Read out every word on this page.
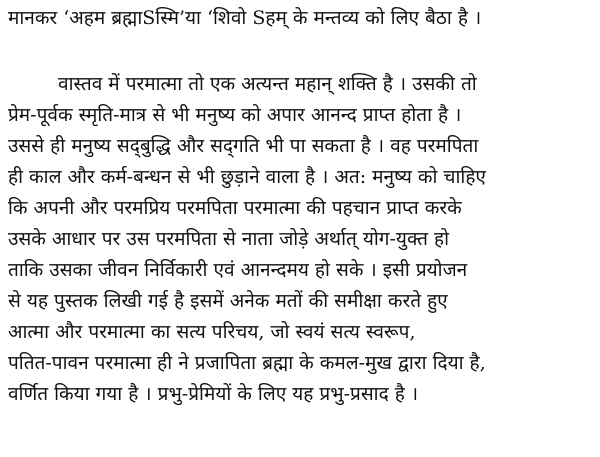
मानकर ‘अहम ब्रह्माSस्मि’या ‘शिवो Sहम्‌ के मन्तव्य को लिए बैठा है ।
वास्तव में परमात्मा तो एक अत्यन्त महान्‌ शक्ति है । उसकी तो
प्रेम-पूर्वक स्मृति-मात्र से भी मनुष्य को अपार आनन्द प्राप्त होता है ।
उससे ही मनुष्य सद्‌बुद्धि और सद्‌गति भी पा सकता है । वह परमपिता
ही काल और कर्म-बन्धन से भी छुड़ाने वाला है । अत: मनुष्य को चाहिए
कि अपनी और परमप्रिय परमपिता परमात्मा की पहचान प्राप्त करके
उसके आधार पर उस परमपिता से नाता जोड़े अर्थात्‌ योग-युक्त हो
ताकि उसका जीवन निर्विकारी एवं आनन्दमय हो सके । इसी प्रयोजन
से यह पुस्तक लिखी गई है इसमें अनेक मतों की समीक्षा करते हुए
आत्मा और परमात्मा का सत्य परिचय, जो स्वयं सत्य स्वरूप,
पतित-पावन परमात्मा ही ने प्रजापिता ब्रह्मा के कमल-मुख द्वारा दिया है,
वर्णित किया गया है । प्रभु-प्रेमियों के लिए यह प्रभु-प्रसाद है ।
